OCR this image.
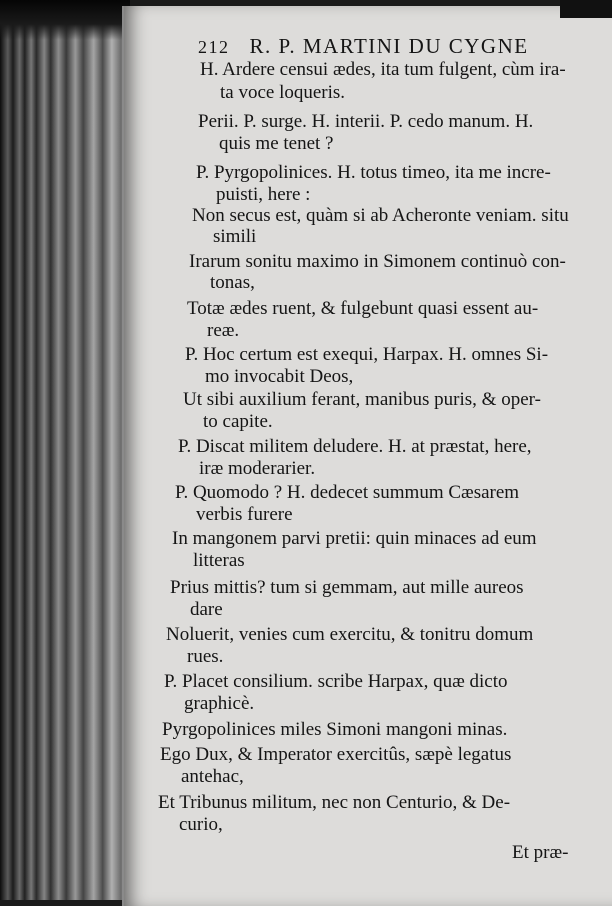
212 R. P. MARTINI DU CYGNE
H. Ardere censui ædes, ita tum fulgent, cùm ira-
ta voce loqueris.
Perii. P. surge. H. interii. P. cedo manum. H.
quis me tenet ?
P. Pyrgopolinices. H. totus timeo, ita me incre-
puisti, here :
Non secus est, quàm si ab Acheronte veniam. situ
simili
Irarum sonitu maximo in Simonem continuò con-
tonas,
Totæ ædes ruent, & fulgebunt quasi essent au-
reæ.
P. Hoc certum est exequi, Harpax. H. omnes Si-
mo invocabit Deos,
Ut sibi auxilium ferant, manibus puris, & oper-
to capite.
P. Discat militem deludere. H. at præstat, here,
iræ moderarier.
P. Quomodo ? H. dedecet summum Cæsarem
verbis furere
In mangonem parvi pretii: quin minaces ad eum
litteras
Prius mittis? tum si gemmam, aut mille aureos
dare
Noluerit, venies cum exercitu, & tonitru domum
rues.
P. Placet consilium. scribe Harpax, quæ dicto
graphicè.
Pyrgopolinices miles Simoni mangoni minas.
Ego Dux, & Imperator exercitûs, sæpè legatus
antehac,
Et Tribunus militum, nec non Centurio, & De-
curio,
Et præ-
